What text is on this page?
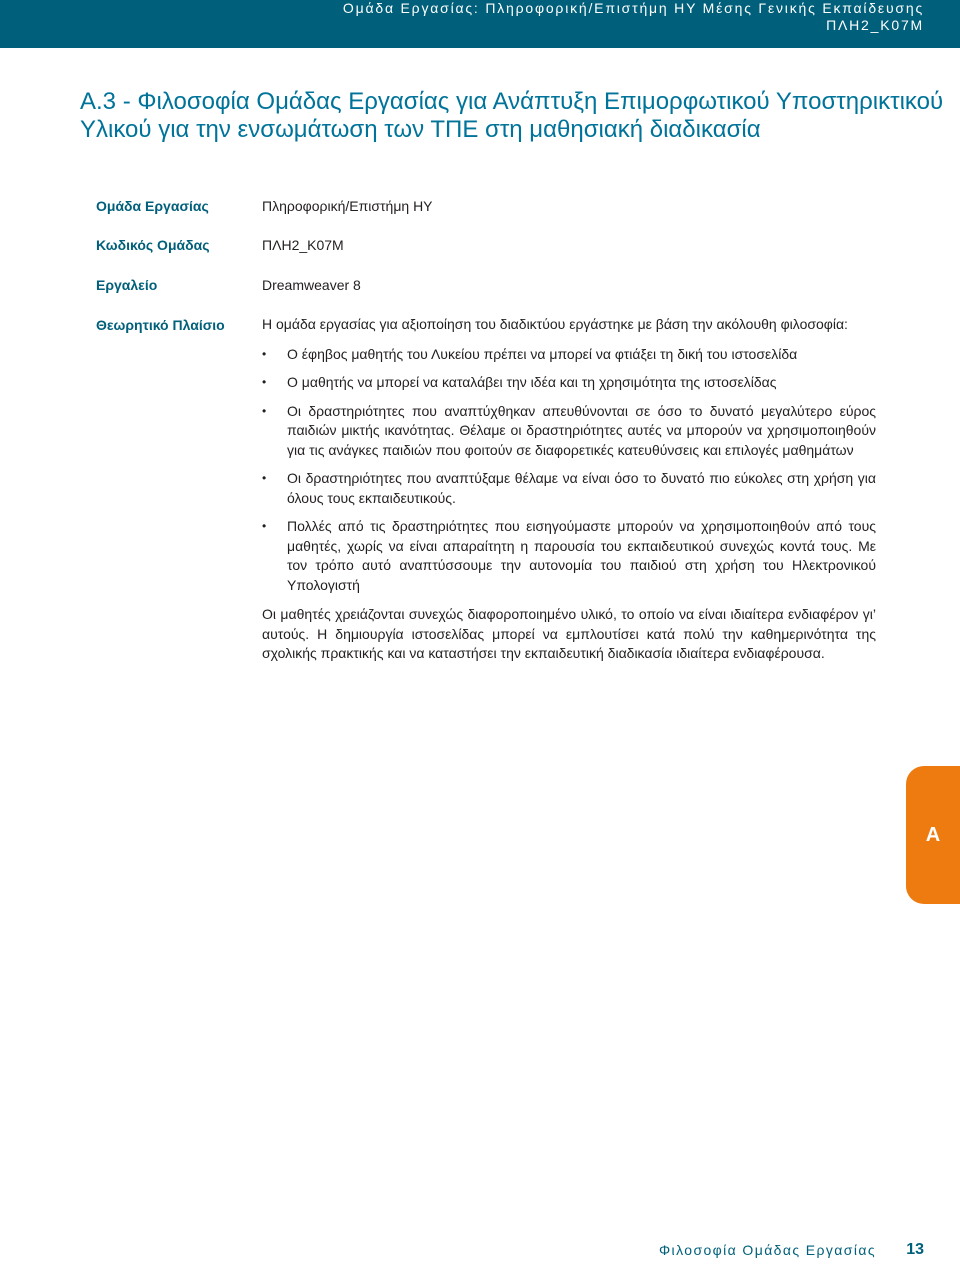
Ομάδα Εργασίας: Πληροφορική/Επιστήμη ΗΥ Μέσης Γενικής Εκπαίδευσης
ΠΛΗ2_Κ07Μ
Α.3 - Φιλοσοφία Ομάδας Εργασίας για Ανάπτυξη Επιμορφωτικού Υποστηρικτικού
Υλικού για την ενσωμάτωση των ΤΠΕ στη μαθησιακή διαδικασία
Ομάδα Εργασίας	Πληροφορική/Επιστήμη ΗΥ
Κωδικός Ομάδας	ΠΛΗ2_Κ07Μ
Εργαλείο	Dreamweaver 8
Θεωρητικό Πλαίσιο	Η ομάδα εργασίας για αξιοποίηση του διαδικτύου εργάστηκε με βάση την ακόλουθη φιλοσοφία:

• Ο έφηβος μαθητής του Λυκείου πρέπει να μπορεί να φτιάξει τη δική του ιστοσελίδα
• Ο μαθητής να μπορεί να καταλάβει την ιδέα και τη χρησιμότητα της ιστοσελίδας
• Οι δραστηριότητες που αναπτύχθηκαν απευθύνονται σε όσο το δυνατό μεγαλύτερο εύρος παιδιών μικτής ικανότητας. Θέλαμε οι δραστηριότητες αυτές να μπορούν να χρησιμοποιηθούν για τις ανάγκες παιδιών που φοιτούν σε διαφορετικές κατευθύνσεις και επιλογές μαθημάτων
• Οι δραστηριότητες που αναπτύξαμε θέλαμε να είναι όσο το δυνατό πιο εύκολες στη χρήση για όλους τους εκπαιδευτικούς.
• Πολλές από τις δραστηριότητες που εισηγούμαστε μπορούν να χρησιμοποιηθούν από τους μαθητές, χωρίς να είναι απαραίτητη η παρουσία του εκπαιδευτικού συνεχώς κοντά τους. Με τον τρόπο αυτό αναπτύσσουμε την αυτονομία του παιδιού στη χρήση του Ηλεκτρονικού Υπολογιστή

Οι μαθητές χρειάζονται συνεχώς διαφοροποιημένο υλικό, το οποίο να είναι ιδιαίτερα ενδιαφέρον γι’ αυτούς. Η δημιουργία ιστοσελίδας μπορεί να εμπλουτίσει κατά πολύ την καθημερινότητα της σχολικής πρακτικής και να καταστήσει την εκπαιδευτική διαδικασία ιδιαίτερα ενδιαφέρουσα.

Α
Φιλοσοφία Ομάδας Εργασίας 13
